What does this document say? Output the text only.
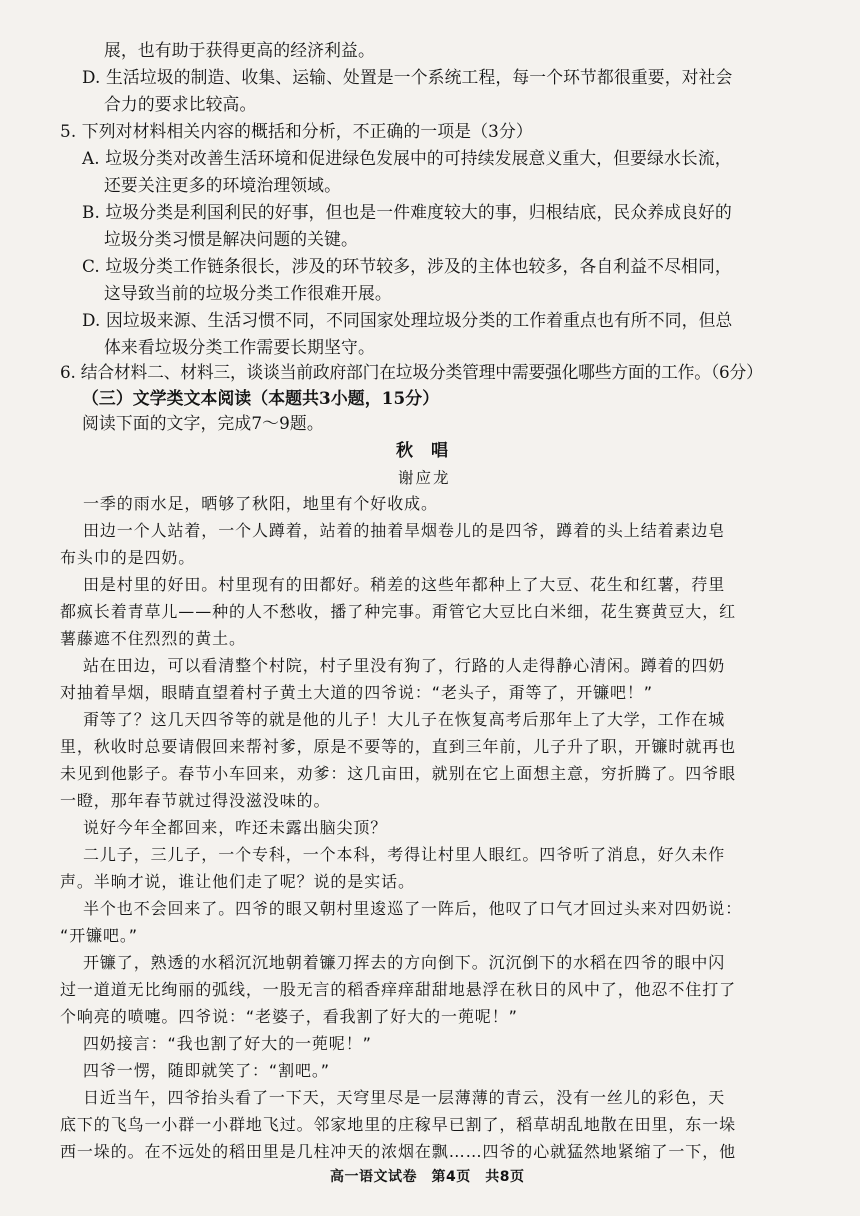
展，也有助于获得更高的经济利益。
D. 生活垃圾的制造、收集、运输、处置是一个系统工程，每一个环节都很重要，对社会
合力的要求比较高。
5. 下列对材料相关内容的概括和分析，不正确的一项是（3分）
A. 垃圾分类对改善生活环境和促进绿色发展中的可持续发展意义重大，但要绿水长流，
还要关注更多的环境治理领域。
B. 垃圾分类是利国利民的好事，但也是一件难度较大的事，归根结底，民众养成良好的
垃圾分类习惯是解决问题的关键。
C. 垃圾分类工作链条很长，涉及的环节较多，涉及的主体也较多，各自利益不尽相同，
这导致当前的垃圾分类工作很难开展。
D. 因垃圾来源、生活习惯不同，不同国家处理垃圾分类的工作着重点也有所不同，但总
体来看垃圾分类工作需要长期坚守。
6. 结合材料二、材料三，谈谈当前政府部门在垃圾分类管理中需要强化哪些方面的工作。（6分）
（三）文学类文本阅读（本题共3小题，15分）
阅读下面的文字，完成7～9题。
秋唱
谢应龙
一季的雨水足，晒够了秋阳，地里有个好收成。
田边一个人站着，一个人蹲着，站着的抽着旱烟卷儿的是四爷，蹲着的头上结着素边皂
布头巾的是四奶。
田是村里的好田。村里现有的田都好。稍差的这些年都种上了大豆、花生和红薯，荇里
都疯长着青草儿——种的人不愁收，播了种完事。甭管它大豆比白米细，花生赛黄豆大，红
薯藤遮不住烈烈的黄土。
站在田边，可以看清整个村院，村子里没有狗了，行路的人走得静心清闲。蹲着的四奶
对抽着旱烟，眼睛直望着村子黄土大道的四爷说：“老头子，甭等了，开镰吧！”
甭等了？这几天四爷等的就是他的儿子！大儿子在恢复高考后那年上了大学，工作在城
里，秋收时总要请假回来帮衬爹，原是不要等的，直到三年前，儿子升了职，开镰时就再也
未见到他影子。春节小车回来，劝爹：这几亩田，就别在它上面想主意，穷折腾了。四爷眼
一瞪，那年春节就过得没滋没味的。
说好今年全都回来，咋还未露出脑尖顶？
二儿子，三儿子，一个专科，一个本科，考得让村里人眼红。四爷听了消息，好久未作
声。半晌才说，谁让他们走了呢？说的是实话。
半个也不会回来了。四爷的眼又朝村里逡巡了一阵后，他叹了口气才回过头来对四奶说：
“开镰吧。”
开镰了，熟透的水稻沉沉地朝着镰刀挥去的方向倒下。沉沉倒下的水稻在四爷的眼中闪
过一道道无比绚丽的弧线，一股无言的稻香痒痒甜甜地悬浮在秋日的风中了，他忍不住打了
个响亮的喷嚏。四爷说：“老婆子，看我割了好大的一蔸呢！”
四奶接言：“我也割了好大的一蔸呢！”
四爷一愣，随即就笑了：“割吧。”
日近当午，四爷抬头看了一下天，天穹里尽是一层薄薄的青云，没有一丝儿的彩色，天
底下的飞鸟一小群一小群地飞过。邻家地里的庄稼早已割了，稻草胡乱地散在田里，东一垛
西一垛的。在不远处的稻田里是几柱冲天的浓烟在飘……四爷的心就猛然地紧缩了一下，他
高一语文试卷　第4页　共8页
